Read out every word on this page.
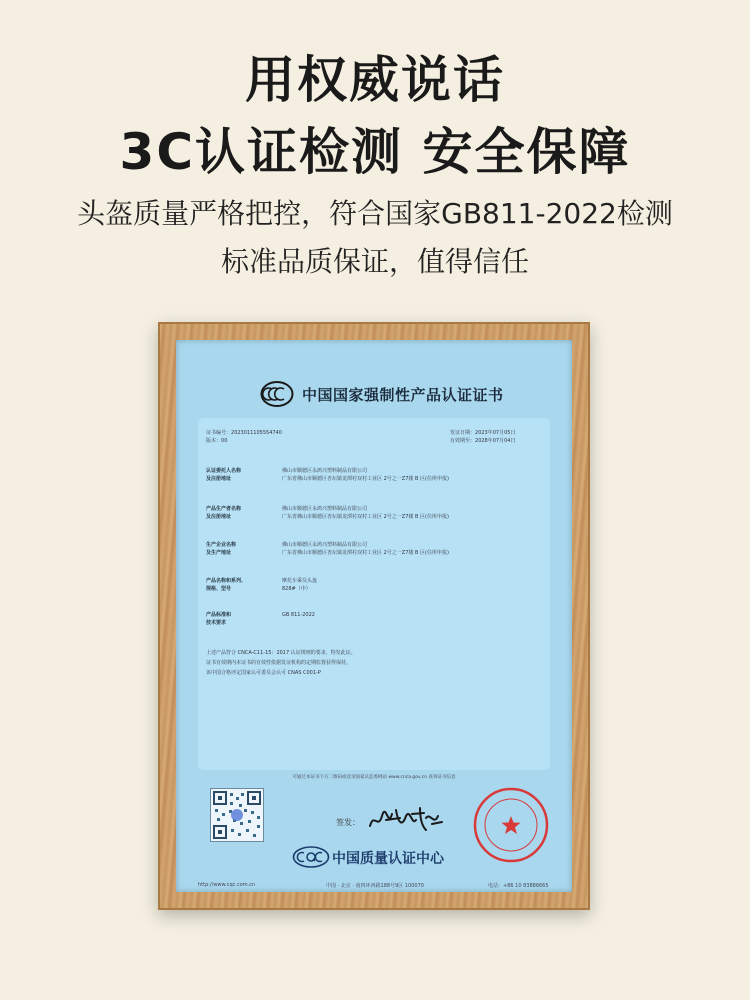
用权威说话
3C认证检测 安全保障
头盔质量严格把控，符合国家GB811-2022检测
标准品质保证，值得信任
中国国家强制性产品认证证书
证书编号：2023011105554740
版本：00
发证日期：2023年07月05日
有效期至：2028年07月04日
认证委托人名称
及注册地址
佛山市顺德区永鸿兴塑料制品有限公司
广东省佛山市顺德区杏坛镇龙潭村双村工业区 2号之一Z7楼 B 区(住所申报)
产品生产者名称
及注册地址
佛山市顺德区永鸿兴塑料制品有限公司
广东省佛山市顺德区杏坛镇龙潭村双村工业区 2号之一Z7楼 B 区(住所申报)
生产企业名称
及生产地址
佛山市顺德区永鸿兴塑料制品有限公司
广东省佛山市顺德区杏坛镇龙潭村双村工业区 2号之一Z7楼 B 区(住所申报)
产品名称和系列、
规格、型号
摩托车乘员头盔
828#（中）
产品标准和
技术要求
GB 811-2022
上述产品符合 CNCA-C11-15：2017 认证规则的要求，特发此证。
证书有效期内本证书的有效性依据发证机构的定期监督获得保持。
该中国合格评定国家认可委员会认可 CNAS C001-P
可通过本证书下方二维码或登录国家认监委网站 www.cnca.gov.cn 查询证书信息
签发：
中国质量认证中心
http://www.cqc.com.cn	中国 · 北京 · 南四环西路188号9区 100070	电话：+86 10 83886665
